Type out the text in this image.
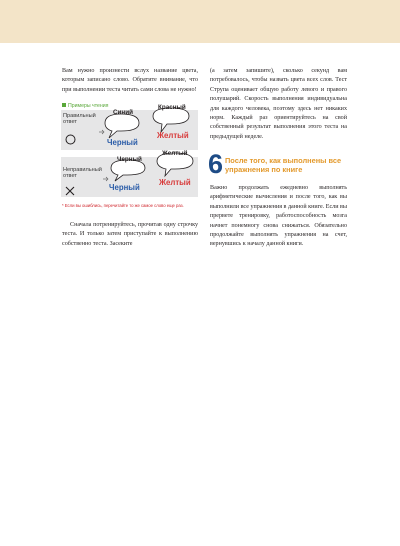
Вам нужно произнести вслух название цвета, которым записано слово. Обратите внимание, что при выполнении теста читать сами слова не нужно!

Примеры чтения
Правильный ответ
Синий
Красный
Черный
Желтый
Неправильный ответ
Черный
Желтый
Черный
Желтый
* Если вы ошиблись, перечитайте то же самое слово еще раз.

Сначала потренируйтесь, прочитав одну строчку теста. И только затем приступайте к выполнению собственно теста. Засеките

(а затем запишите), сколько секунд вам потребовалось, чтобы назвать цвета всех слов. Тест Струпа оценивает общую работу левого и правого полушарий. Скорость выполнения индивидуальна для каждого человека, поэтому здесь нет никаких норм. Каждый раз ориентируйтесь на свой собственный результат выполнения этого теста на предыдущей неделе.

6 После того, как выполнены все упражнения по книге

Важно продолжать ежедневно выполнять арифметические вычисления и после того, как вы выполнили все упражнения в данной книге. Если вы прервете тренировку, работоспособность мозга начнет понемногу снова снижаться. Обязательно продолжайте выполнять упражнения на счет, вернувшись к началу данной книги.
